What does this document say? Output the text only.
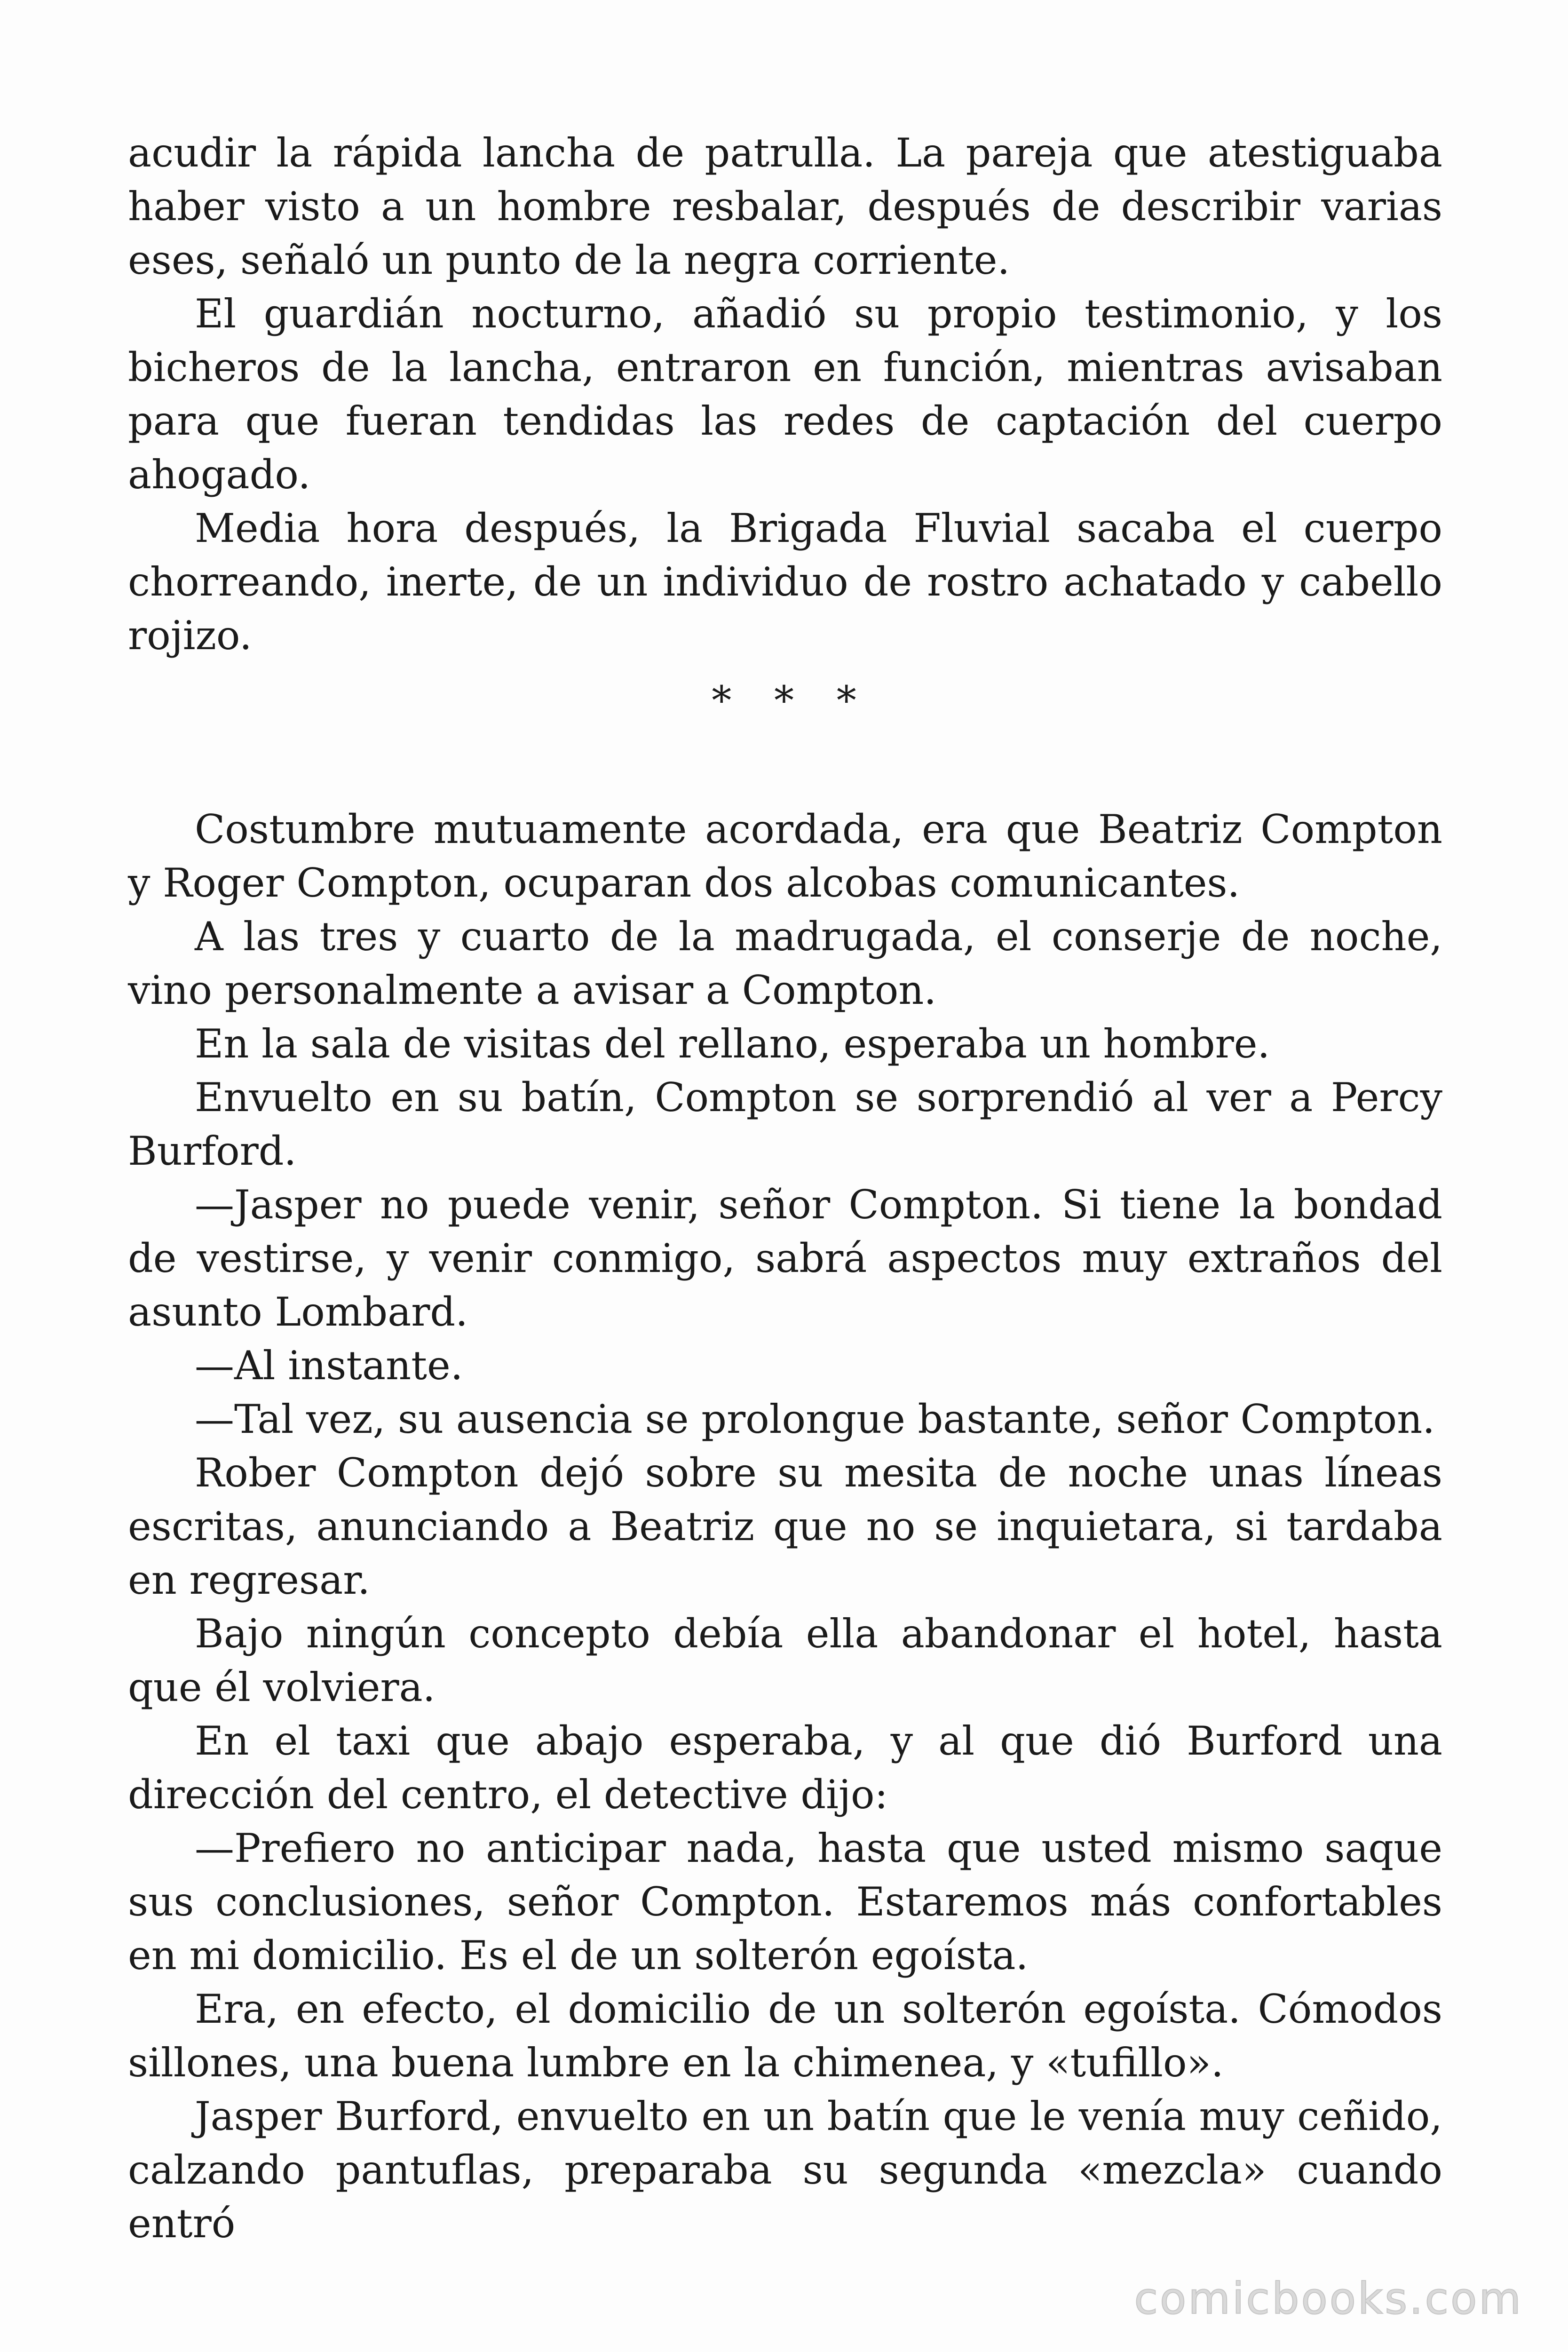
acudir la rápida lancha de patrulla. La pareja que atestiguaba haber visto a un hombre resbalar, después de describir varias eses, señaló un punto de la negra corriente.

El guardián nocturno, añadió su propio testimonio, y los bicheros de la lancha, entraron en función, mientras avisaban para que fueran tendidas las redes de captación del cuerpo ahogado.

Media hora después, la Brigada Fluvial sacaba el cuerpo chorreando, inerte, de un individuo de rostro achatado y cabello rojizo.

* * *

Costumbre mutuamente acordada, era que Beatriz Compton y Roger Compton, ocuparan dos alcobas comunicantes.

A las tres y cuarto de la madrugada, el conserje de noche, vino personalmente a avisar a Compton.

En la sala de visitas del rellano, esperaba un hombre.

Envuelto en su batín, Compton se sorprendió al ver a Percy Burford.

—Jasper no puede venir, señor Compton. Si tiene la bondad de vestirse, y venir conmigo, sabrá aspectos muy extraños del asunto Lombard.

—Al instante.

—Tal vez, su ausencia se prolongue bastante, señor Compton.

Rober Compton dejó sobre su mesita de noche unas líneas escritas, anunciando a Beatriz que no se inquietara, si tardaba en regresar.

Bajo ningún concepto debía ella abandonar el hotel, hasta que él volviera.

En el taxi que abajo esperaba, y al que dió Burford una dirección del centro, el detective dijo:

—Prefiero no anticipar nada, hasta que usted mismo saque sus conclusiones, señor Compton. Estaremos más confortables en mi domicilio. Es el de un solterón egoísta.

Era, en efecto, el domicilio de un solterón egoísta. Cómodos sillones, una buena lumbre en la chimenea, y «tufillo».

Jasper Burford, envuelto en un batín que le venía muy ceñido, calzando pantuflas, preparaba su segunda «mezcla» cuando entró

comicbooks.com
